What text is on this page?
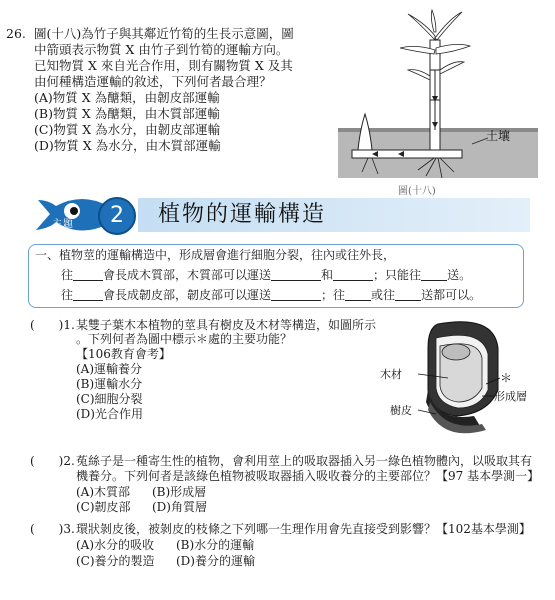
26. 圖(十八)為竹子與其鄰近竹筍的生長示意圖，圖
中箭頭表示物質 X 由竹子到竹筍的運輸方向。
已知物質 X 來自光合作用，則有關物質 X 及其
由何種構造運輸的敘述，下列何者最合理？
(A)物質 X 為醣類，由韌皮部運輸
(B)物質 X 為醣類，由木質部運輸
(C)物質 X 為水分，由韌皮部運輸
(D)物質 X 為水分，由木質部運輸
土壤
圖(十八)
主題	2	植物的運輸構造
一、植物莖的運輸構造中，形成層會進行細胞分裂，往內或往外長，
往	會長成木質部，木質部可以運送	和	；只能往 送。
往	會長成韌皮部，韌皮部可以運送	；往 或往 送都可以。
(　　)1. 某雙子葉木本植物的莖具有樹皮及木材等構造，如圖所示
。下列何者為圖中標示＊處的主要功能？
【106教育會考】
(A)運輸養分
(B)運輸水分
(C)細胞分裂
(D)光合作用
木材
樹皮
＊
形成層
(　　)2. 菟絲子是一種寄生性的植物，會利用莖上的吸取器插入另一綠色植物體內，以吸取其有
機養分。下列何者是該綠色植物被吸取器插入吸收養分的主要部位？【97 基本學測一】
(A)木質部 (B)形成層
(C)韌皮部 (D)角質層
(　　)3. 環狀剝皮後，被剝皮的枝條之下列哪一生理作用會先直接受到影響？【102基本學測】
(A)水分的吸收 (B)水分的運輸
(C)養分的製造 (D)養分的運輸
